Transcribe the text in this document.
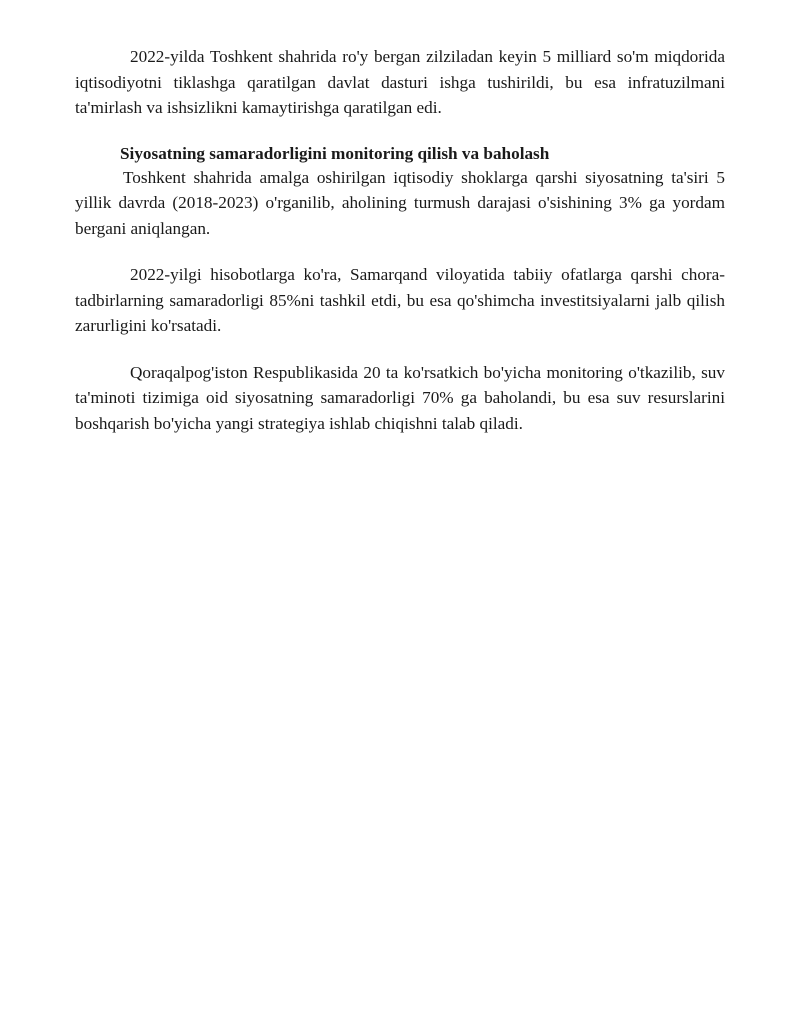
2022-yilda Toshkent shahrida ro'y bergan zilziladan keyin 5 milliard so'm miqdorida iqtisodiyotni tiklashga qaratilgan davlat dasturi ishga tushirildi, bu esa infratuzilmani ta'mirlash va ishsizlikni kamaytirishga qaratilgan edi.

Siyosatning samaradorligini monitoring qilish va baholash

Toshkent shahrida amalga oshirilgan iqtisodiy shoklarga qarshi siyosatning ta'siri 5 yillik davrda (2018-2023) o'rganilib, aholining turmush darajasi o'sishining 3% ga yordam bergani aniqlangan.

2022-yilgi hisobotlarga ko'ra, Samarqand viloyatida tabiiy ofatlarga qarshi chora-tadbirlarning samaradorligi 85%ni tashkil etdi, bu esa qo'shimcha investitsiyalarni jalb qilish zarurligini ko'rsatadi.

Qoraqalpog'iston Respublikasida 20 ta ko'rsatkich bo'yicha monitoring o'tkazilib, suv ta'minoti tizimiga oid siyosatning samaradorligi 70% ga baholandi, bu esa suv resurslarini boshqarish bo'yicha yangi strategiya ishlab chiqishni talab qiladi.
